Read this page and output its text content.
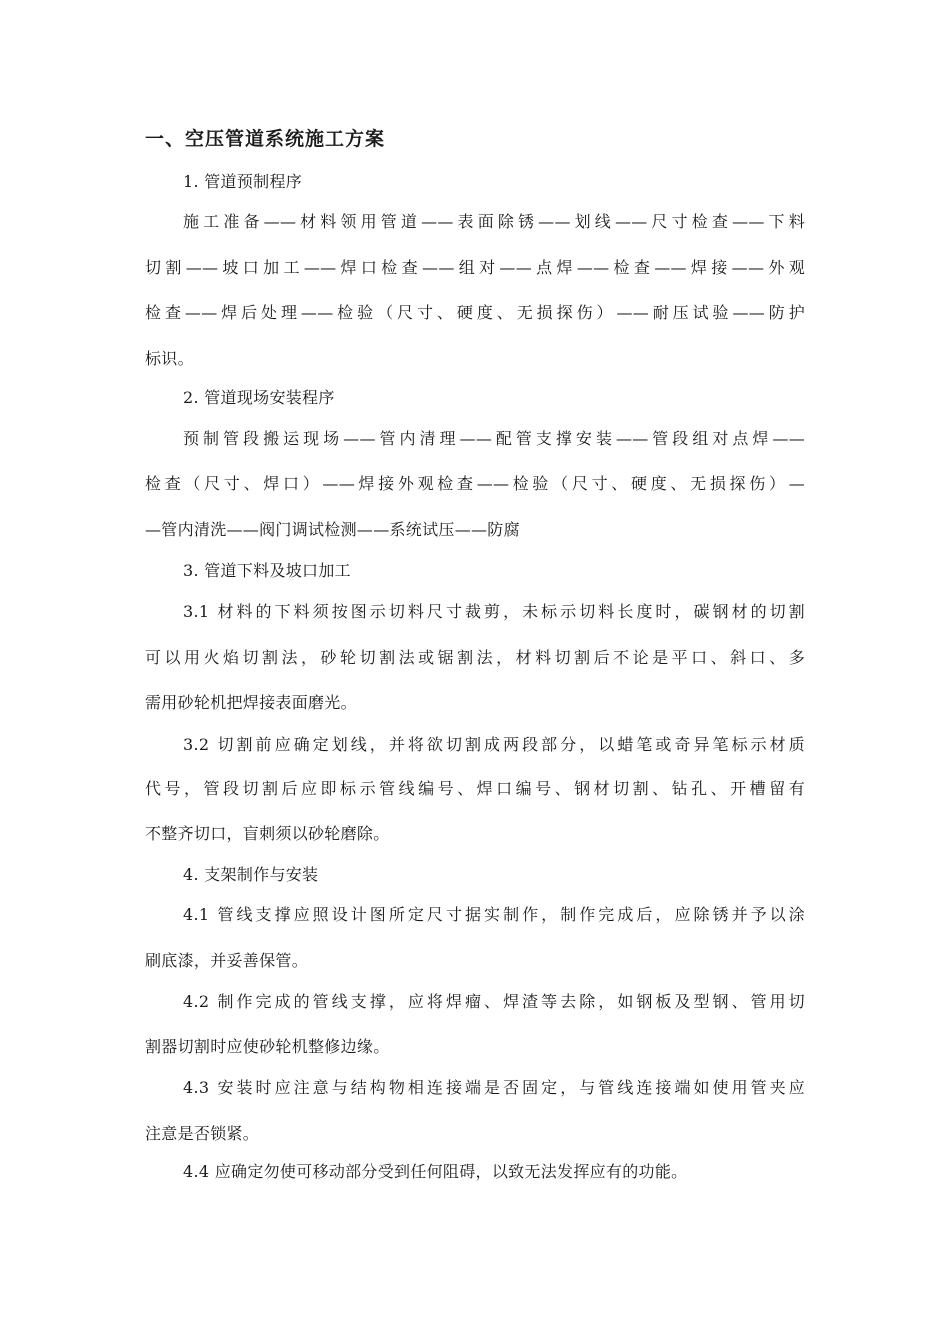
一、空压管道系统施工方案
1. 管道预制程序
施工准备——材料领用管道——表面除锈——划线——尺寸检查——下料
切割——坡口加工——焊口检查——组对——点焊——检查——焊接——外观
检查——焊后处理——检验（尺寸、硬度、无损探伤）——耐压试验——防护
标识。
2. 管道现场安装程序
预制管段搬运现场——管内清理——配管支撑安装——管段组对点焊——
检查（尺寸、焊口）——焊接外观检查——检验（尺寸、硬度、无损探伤）—
—管内清洗——阀门调试检测——系统试压——防腐
3. 管道下料及坡口加工
3.1 材料的下料须按图示切料尺寸裁剪，未标示切料长度时，碳钢材的切割
可以用火焰切割法，砂轮切割法或锯割法，材料切割后不论是平口、斜口、多
需用砂轮机把焊接表面磨光。
3.2 切割前应确定划线，并将欲切割成两段部分，以蜡笔或奇异笔标示材质
代号，管段切割后应即标示管线编号、焊口编号、钢材切割、钻孔、开槽留有
不整齐切口，盲刺须以砂轮磨除。
4. 支架制作与安装
4.1 管线支撑应照设计图所定尺寸据实制作，制作完成后，应除锈并予以涂
刷底漆，并妥善保管。
4.2 制作完成的管线支撑，应将焊瘤、焊渣等去除，如钢板及型钢、管用切
割器切割时应使砂轮机整修边缘。
4.3 安装时应注意与结构物相连接端是否固定，与管线连接端如使用管夹应
注意是否锁紧。
4.4 应确定勿使可移动部分受到任何阻碍，以致无法发挥应有的功能。
